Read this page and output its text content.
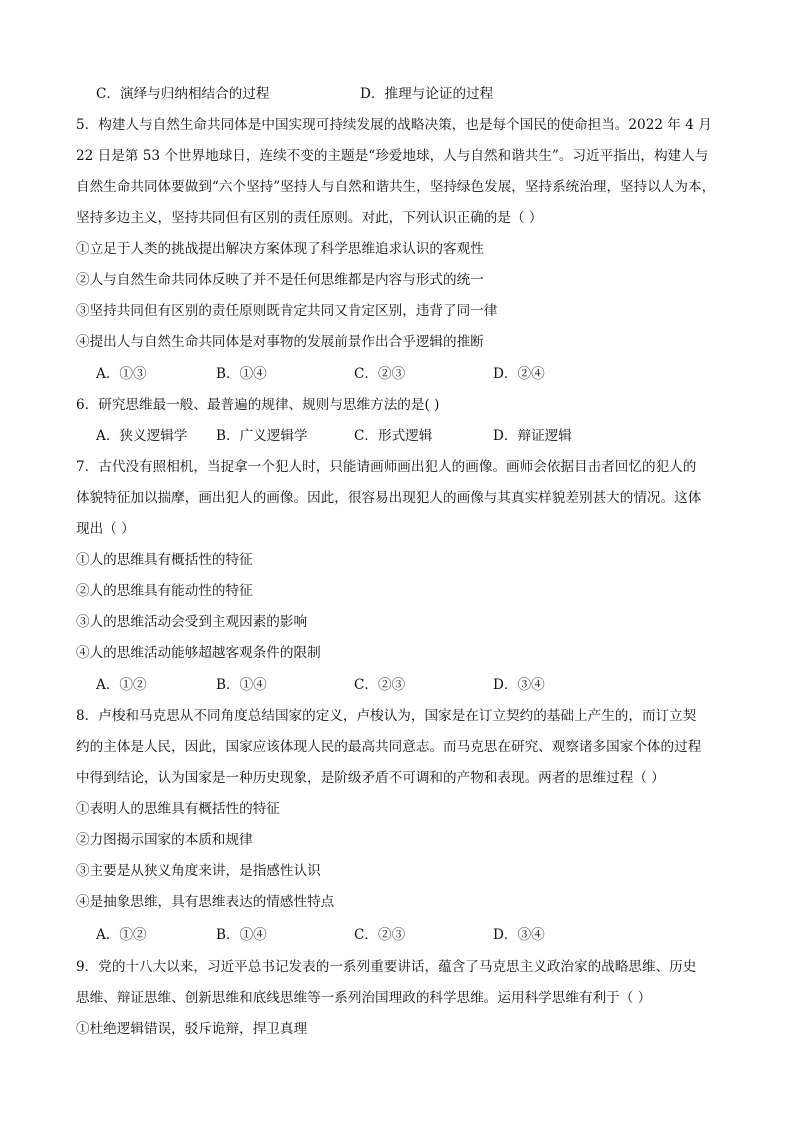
C．演绎与归纳相结合的过程	D．推理与论证的过程
5．构建人与自然生命共同体是中国实现可持续发展的战略决策，也是每个国民的使命担当。2022 年 4 月
22 日是第 53 个世界地球日，连续不变的主题是“珍爱地球，人与自然和谐共生”。习近平指出，构建人与
自然生命共同体要做到“六个坚持”坚持人与自然和谐共生，坚持绿色发展，坚持系统治理，坚持以人为本，
坚持多边主义，坚持共同但有区别的责任原则。对此，下列认识正确的是（ ）
①立足于人类的挑战提出解决方案体现了科学思维追求认识的客观性
②人与自然生命共同体反映了并不是任何思维都是内容与形式的统一
③坚持共同但有区别的责任原则既肯定共同又肯定区别，违背了同一律
④提出人与自然生命共同体是对事物的发展前景作出合乎逻辑的推断
A．①③	B．①④	C．②③	D．②④
6．研究思维最一般、最普遍的规律、规则与思维方法的是( )
A．狭义逻辑学 B．广义逻辑学	C．形式逻辑	D．辩证逻辑
7．古代没有照相机，当捉拿一个犯人时，只能请画师画出犯人的画像。画师会依据目击者回忆的犯人的
体貌特征加以揣摩，画出犯人的画像。因此，很容易出现犯人的画像与其真实样貌差别甚大的情况。这体
现出（ ）
①人的思维具有概括性的特征
②人的思维具有能动性的特征
③人的思维活动会受到主观因素的影响
④人的思维活动能够超越客观条件的限制
A．①②	B．①④	C．②③	D．③④
8．卢梭和马克思从不同角度总结国家的定义，卢梭认为，国家是在订立契约的基础上产生的，而订立契
约的主体是人民，因此，国家应该体现人民的最高共同意志。而马克思在研究、观察诸多国家个体的过程
中得到结论，认为国家是一种历史现象，是阶级矛盾不可调和的产物和表现。两者的思维过程（ ）
①表明人的思维具有概括性的特征
②力图揭示国家的本质和规律
③主要是从狭义角度来讲，是指感性认识
④是抽象思维，具有思维表达的情感性特点
A．①②	B．①④	C．②③	D．③④
9．党的十八大以来，习近平总书记发表的一系列重要讲话，蕴含了马克思主义政治家的战略思维、历史
思维、辩证思维、创新思维和底线思维等一系列治国理政的科学思维。运用科学思维有利于（ ）
①杜绝逻辑错误，驳斥诡辩，捍卫真理
